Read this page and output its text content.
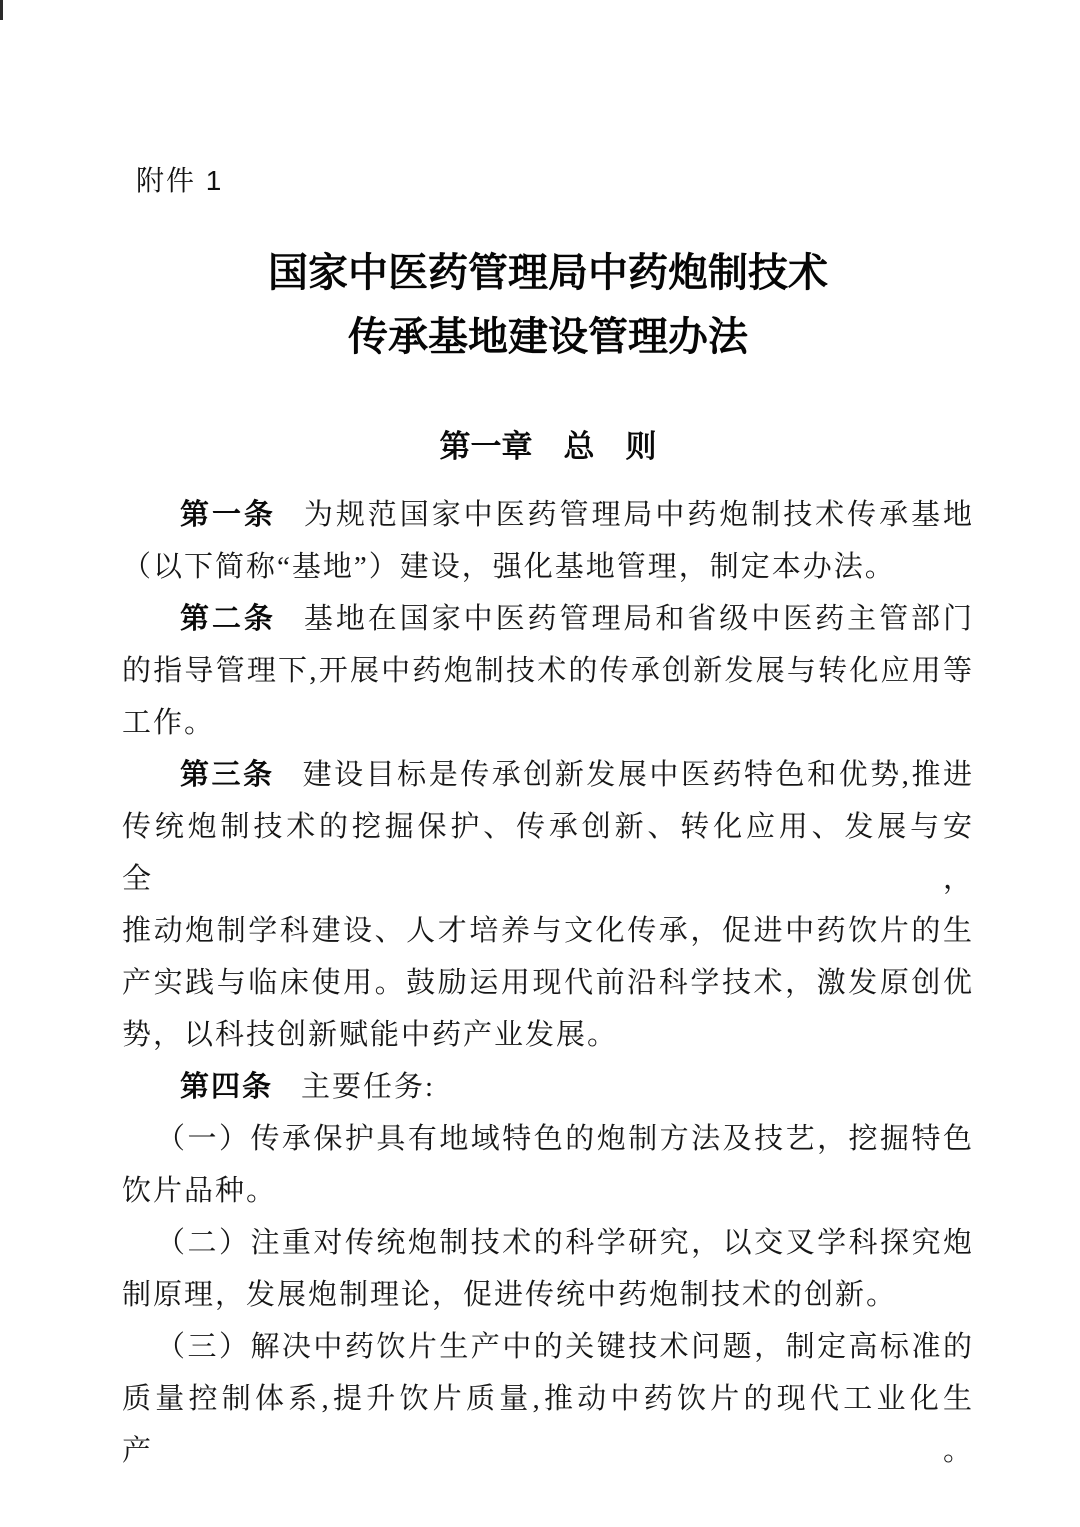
附件 1
国家中医药管理局中药炮制技术
传承基地建设管理办法
第一章　总　则
第一条 为规范国家中医药管理局中药炮制技术传承基地
（以下简称“基地”）建设，强化基地管理，制定本办法。
第二条 基地在国家中医药管理局和省级中医药主管部门
的指导管理下,开展中药炮制技术的传承创新发展与转化应用等
工作。
第三条 建设目标是传承创新发展中医药特色和优势,推进
传统炮制技术的挖掘保护、传承创新、转化应用、发展与安全，
推动炮制学科建设、人才培养与文化传承，促进中药饮片的生
产实践与临床使用。鼓励运用现代前沿科学技术，激发原创优
势，以科技创新赋能中药产业发展。
第四条 主要任务:
（一）传承保护具有地域特色的炮制方法及技艺，挖掘特色
饮片品种。
（二）注重对传统炮制技术的科学研究，以交叉学科探究炮
制原理，发展炮制理论，促进传统中药炮制技术的创新。
（三）解决中药饮片生产中的关键技术问题，制定高标准的
质量控制体系,提升饮片质量,推动中药饮片的现代工业化生产。
